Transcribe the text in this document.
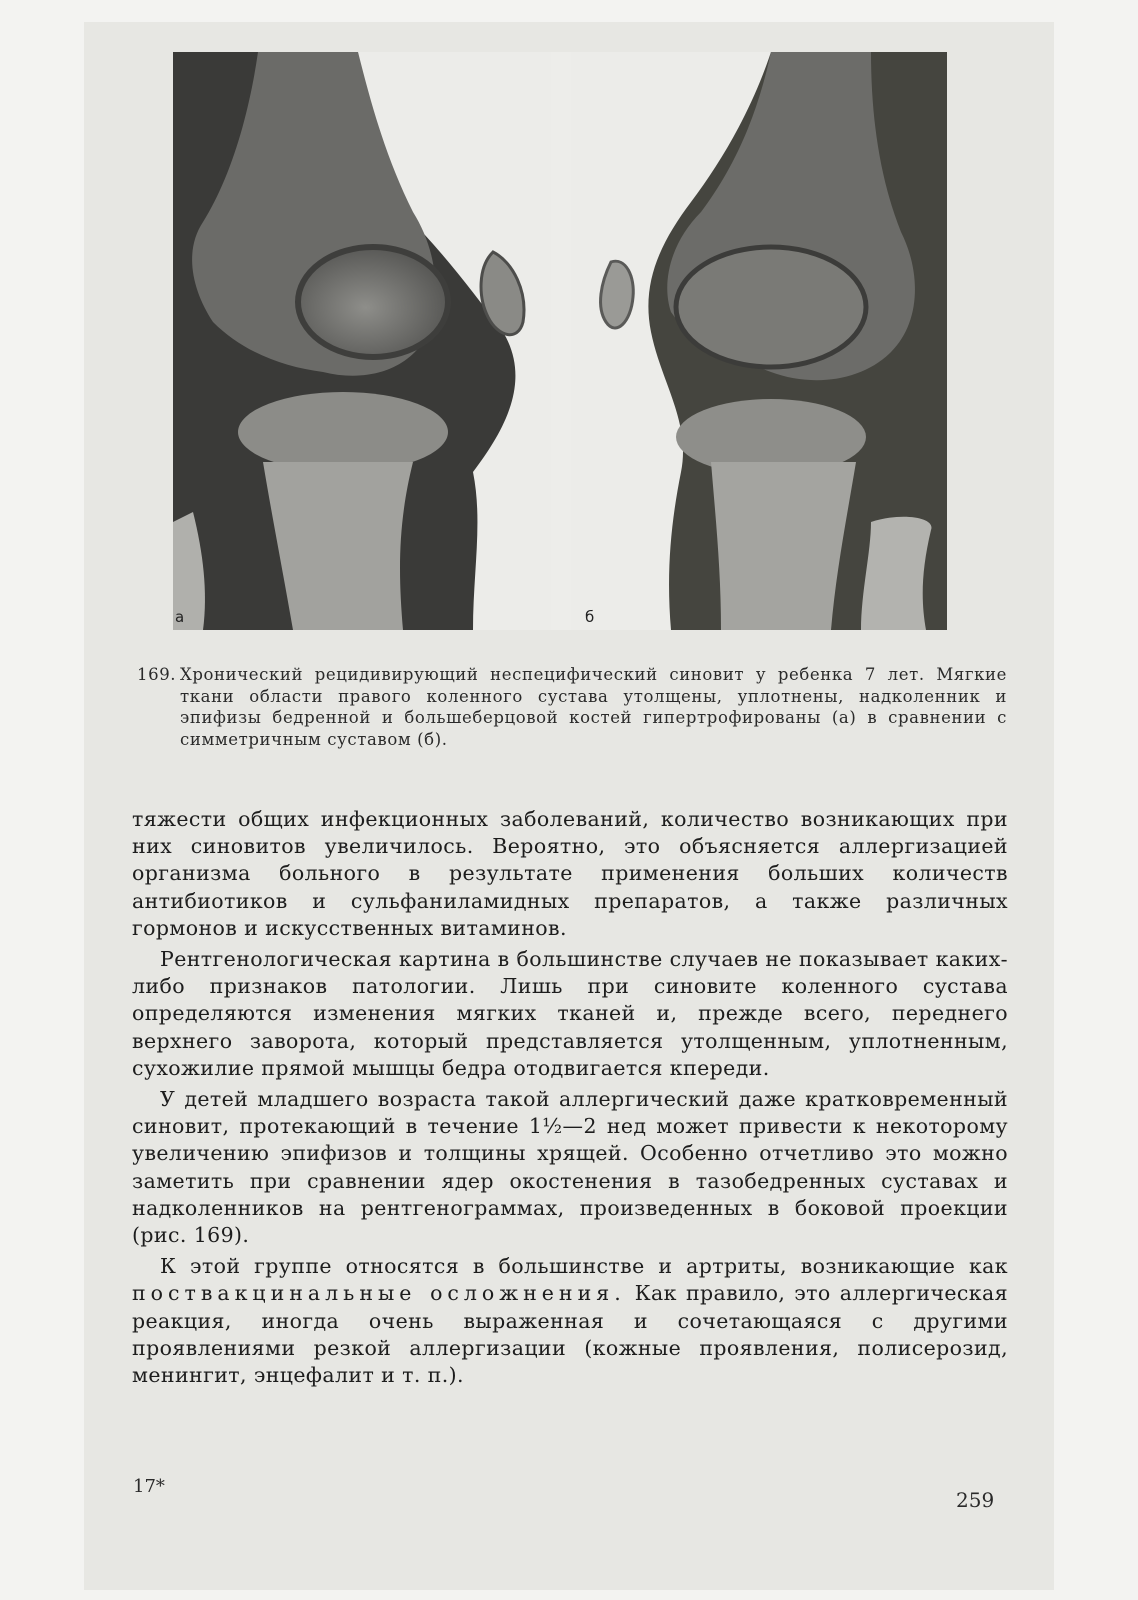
а	б
169. Хронический рецидивирующий неспецифический синовит у ребенка 7 лет. Мягкие ткани области правого коленного сустава утолщены, уплотнены, надколенник и эпифизы бедренной и большеберцовой костей гипертрофированы (а) в сравнении с симметричным суставом (б).

тяжести общих инфекционных заболеваний, количество возникающих при них синовитов увеличилось. Вероятно, это объясняется аллергизацией организма больного в результате применения больших количеств антибиотиков и сульфаниламидных препаратов, а также различных гормонов и искусственных витаминов.

Рентгенологическая картина в большинстве случаев не показывает каких-либо признаков патологии. Лишь при синовите коленного сустава определяются изменения мягких тканей и, прежде всего, переднего верхнего заворота, который представляется утолщенным, уплотненным, сухожилие прямой мышцы бедра отодвигается кпереди.

У детей младшего возраста такой аллергический даже кратковременный синовит, протекающий в течение 1½—2 нед может привести к некоторому увеличению эпифизов и толщины хрящей. Особенно отчетливо это можно заметить при сравнении ядер окостенения в тазобедренных суставах и надколенников на рентгенограммах, произведенных в боковой проекции (рис. 169).

К этой группе относятся в большинстве и артриты, возникающие как поствакцинальные осложнения. Как правило, это аллергическая реакция, иногда очень выраженная и сочетающаяся с другими проявлениями резкой аллергизации (кожные проявления, полисерозид, менингит, энцефалит и т. п.).

17*
259
